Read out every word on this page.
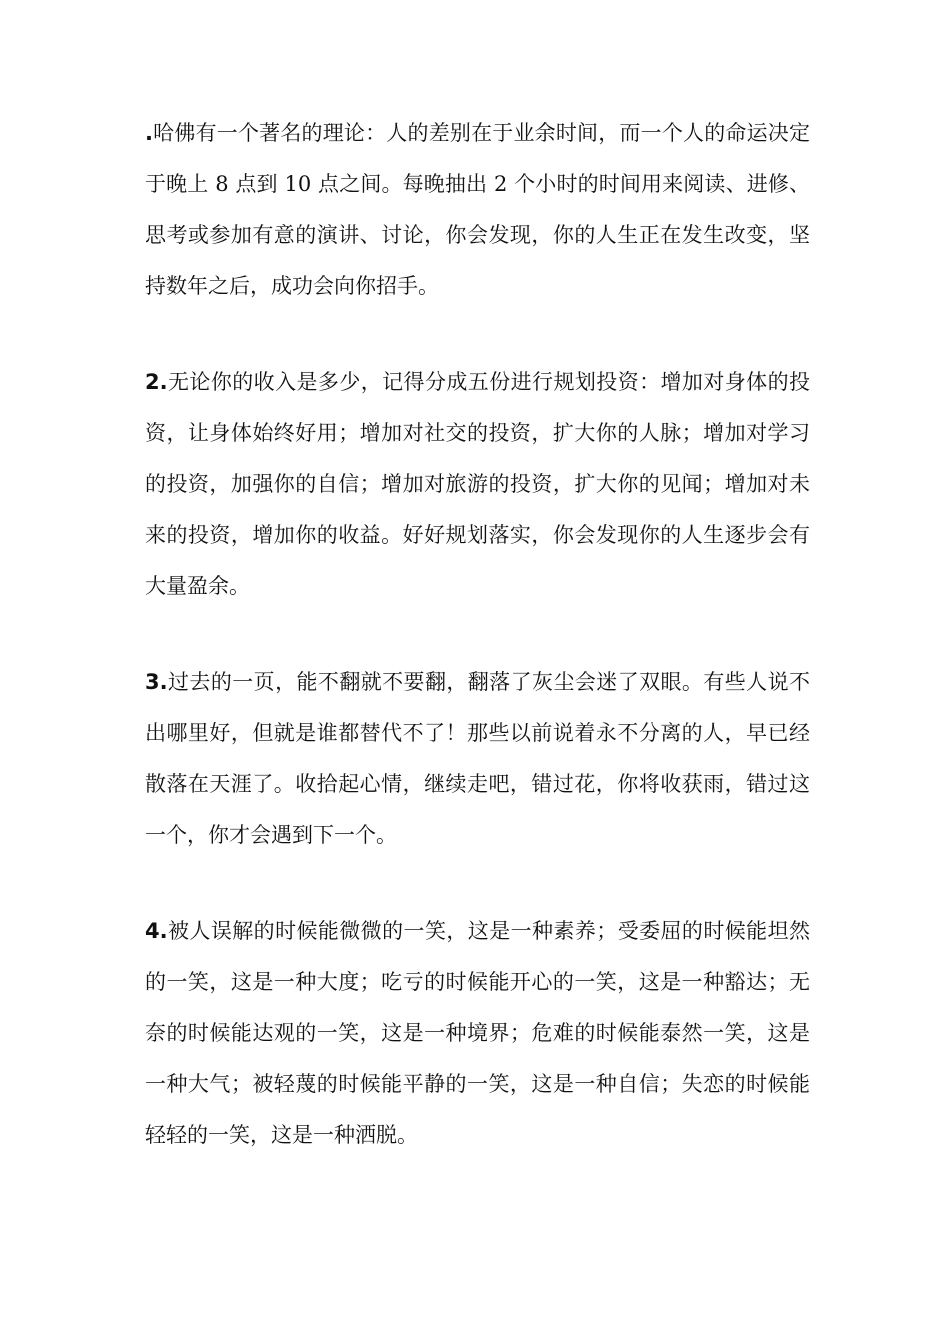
.哈佛有一个著名的理论：人的差别在于业余时间，而一个人的命运决定于晚上 8 点到 10 点之间。每晚抽出 2 个小时的时间用来阅读、进修、思考或参加有意的演讲、讨论，你会发现，你的人生正在发生改变，坚持数年之后，成功会向你招手。

2.无论你的收入是多少，记得分成五份进行规划投资：增加对身体的投资，让身体始终好用；增加对社交的投资，扩大你的人脉；增加对学习的投资，加强你的自信；增加对旅游的投资，扩大你的见闻；增加对未来的投资，增加你的收益。好好规划落实，你会发现你的人生逐步会有大量盈余。

3.过去的一页，能不翻就不要翻，翻落了灰尘会迷了双眼。有些人说不出哪里好，但就是谁都替代不了！那些以前说着永不分离的人，早已经散落在天涯了。收拾起心情，继续走吧，错过花，你将收获雨，错过这一个，你才会遇到下一个。

4.被人误解的时候能微微的一笑，这是一种素养；受委屈的时候能坦然的一笑，这是一种大度；吃亏的时候能开心的一笑，这是一种豁达；无奈的时候能达观的一笑，这是一种境界；危难的时候能泰然一笑，这是一种大气；被轻蔑的时候能平静的一笑，这是一种自信；失恋的时候能轻轻的一笑，这是一种洒脱。
